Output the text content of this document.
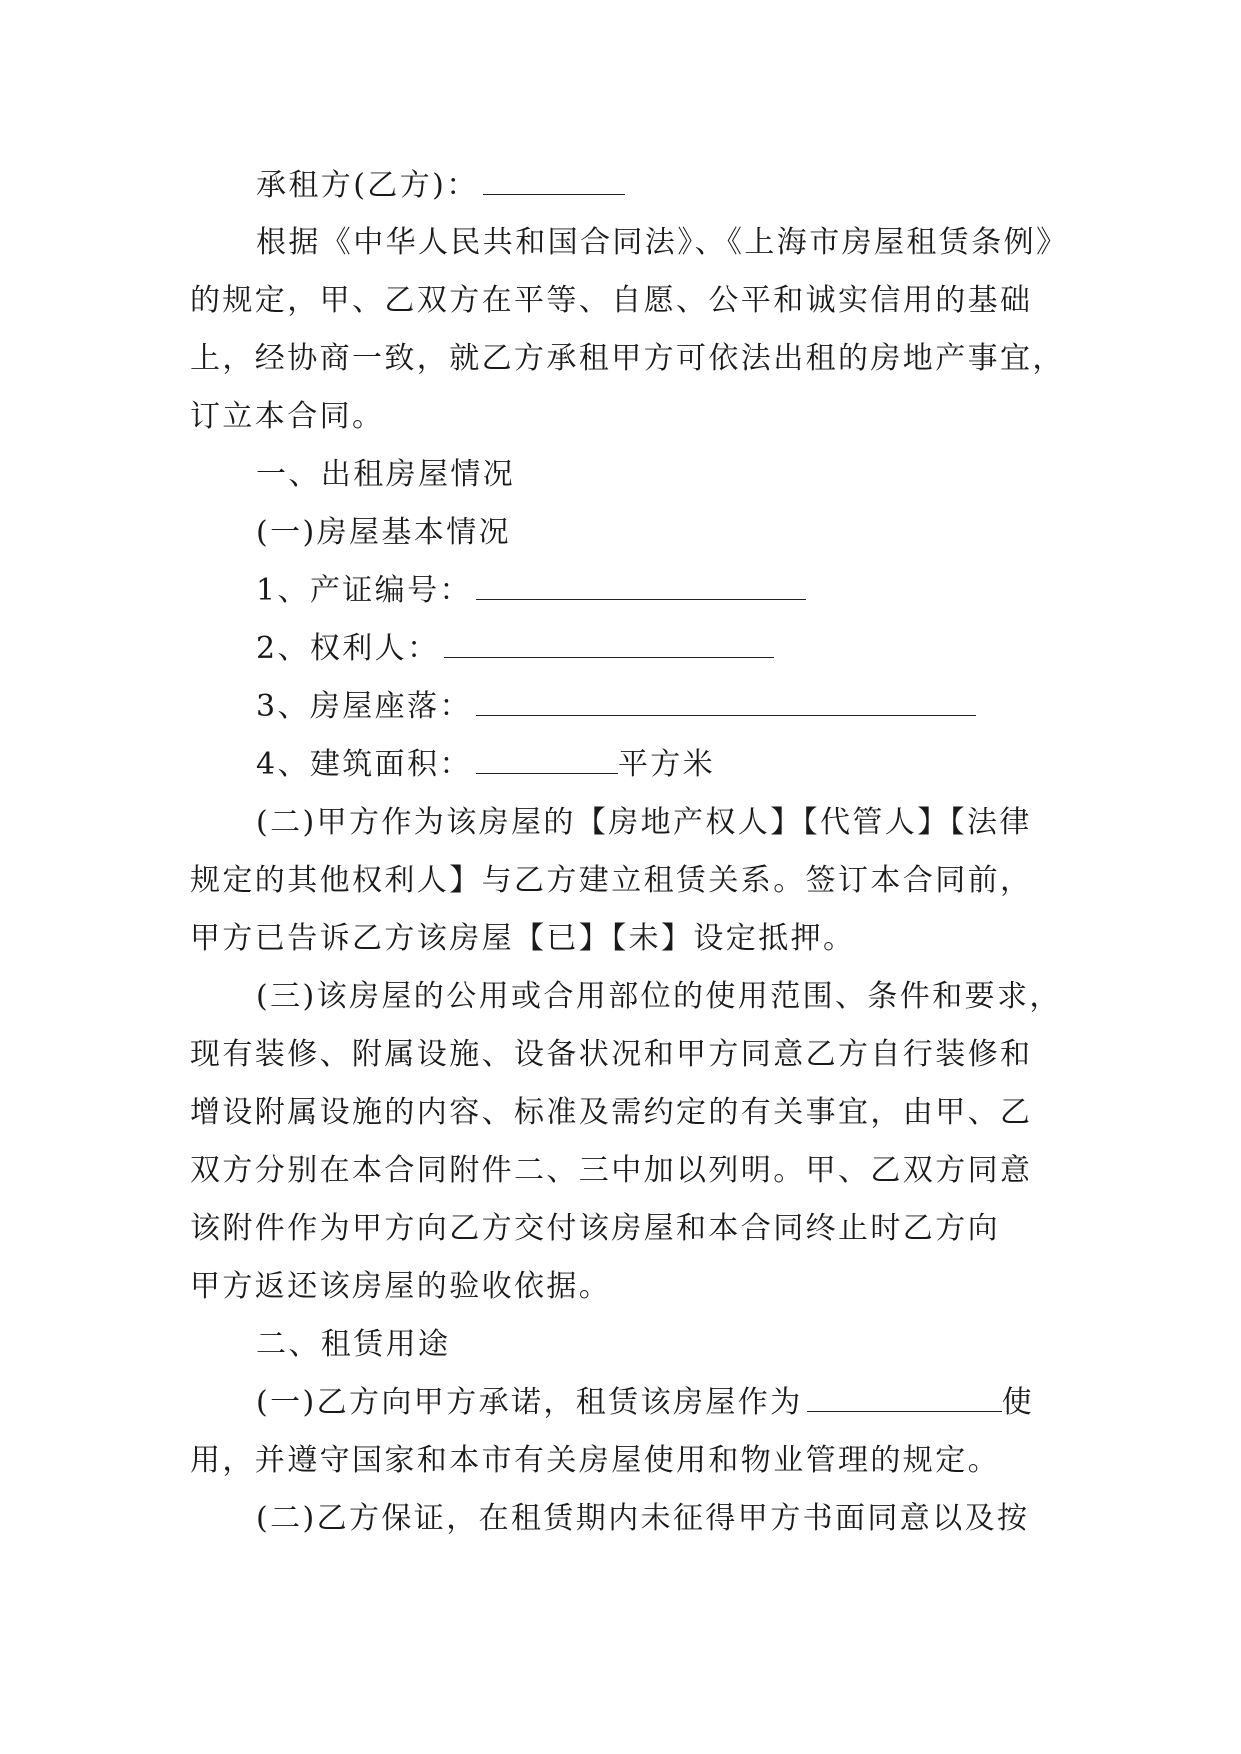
承租方(乙方)：
根据《中华人民共和国合同法》、《上海市房屋租赁条例》
的规定，甲、乙双方在平等、自愿、公平和诚实信用的基础
上，经协商一致，就乙方承租甲方可依法出租的房地产事宜，
订立本合同。
一、出租房屋情况
(一)房屋基本情况
1、产证编号：
2、权利人：
3、房屋座落：
4、建筑面积：	平方米
(二)甲方作为该房屋的【房地产权人】【代管人】【法律
规定的其他权利人】与乙方建立租赁关系。签订本合同前，
甲方已告诉乙方该房屋【已】【未】设定抵押。
(三)该房屋的公用或合用部位的使用范围、条件和要求，
现有装修、附属设施、设备状况和甲方同意乙方自行装修和
增设附属设施的内容、标准及需约定的有关事宜，由甲、乙
双方分别在本合同附件二、三中加以列明。甲、乙双方同意
该附件作为甲方向乙方交付该房屋和本合同终止时乙方向
甲方返还该房屋的验收依据。
二、租赁用途
(一)乙方向甲方承诺，租赁该房屋作为	使
用，并遵守国家和本市有关房屋使用和物业管理的规定。
(二)乙方保证，在租赁期内未征得甲方书面同意以及按
